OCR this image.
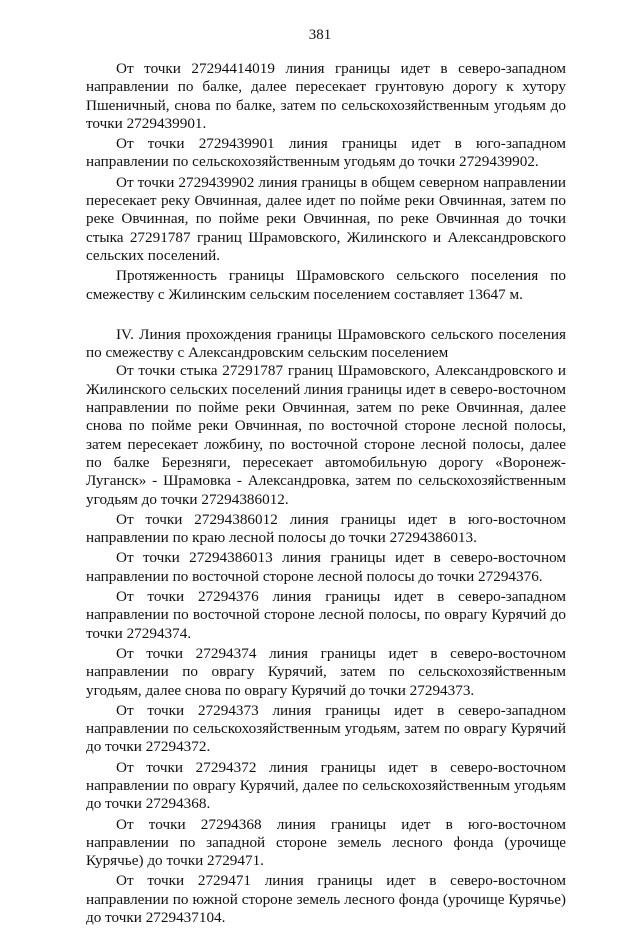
381

От точки 27294414019 линия границы идет в северо-западном направлении по балке, далее пересекает грунтовую дорогу к хутору Пшеничный, снова по балке, затем по сельскохозяйственным угодьям до точки 2729439901.

От точки 2729439901 линия границы идет в юго-западном направлении по сельскохозяйственным угодьям до точки 2729439902.

От точки 2729439902 линия границы в общем северном направлении пересекает реку Овчинная, далее идет по пойме реки Овчинная, затем по реке Овчинная, по пойме реки Овчинная, по реке Овчинная до точки стыка 27291787 границ Шрамовского, Жилинского и Александровского сельских поселений.

Протяженность границы Шрамовского сельского поселения по смежеству с Жилинским сельским поселением составляет 13647 м.

IV. Линия прохождения границы Шрамовского сельского поселения по смежеству с Александровским сельским поселением

От точки стыка 27291787 границ Шрамовского, Александровского и Жилинского сельских поселений линия границы идет в северо-восточном направлении по пойме реки Овчинная, затем по реке Овчинная, далее снова по пойме реки Овчинная, по восточной стороне лесной полосы, затем пересекает ложбину, по восточной стороне лесной полосы, далее по балке Березняги, пересекает автомобильную дорогу «Воронеж-Луганск» - Шрамовка - Александровка, затем по сельскохозяйственным угодьям до точки 27294386012.

От точки 27294386012 линия границы идет в юго-восточном направлении по краю лесной полосы до точки 27294386013.

От точки 27294386013 линия границы идет в северо-восточном направлении по восточной стороне лесной полосы до точки 27294376.

От точки 27294376 линия границы идет в северо-западном направлении по восточной стороне лесной полосы, по оврагу Курячий до точки 27294374.

От точки 27294374 линия границы идет в северо-восточном направлении по оврагу Курячий, затем по сельскохозяйственным угодьям, далее снова по оврагу Курячий до точки 27294373.

От точки 27294373 линия границы идет в северо-западном направлении по сельскохозяйственным угодьям, затем по оврагу Курячий до точки 27294372.

От точки 27294372 линия границы идет в северо-восточном направлении по оврагу Курячий, далее по сельскохозяйственным угодьям до точки 27294368.

От точки 27294368 линия границы идет в юго-восточном направлении по западной стороне земель лесного фонда (урочище Курячье) до точки 2729471.

От точки 2729471 линия границы идет в северо-восточном направлении по южной стороне земель лесного фонда (урочище Курячье) до точки 2729437104.
